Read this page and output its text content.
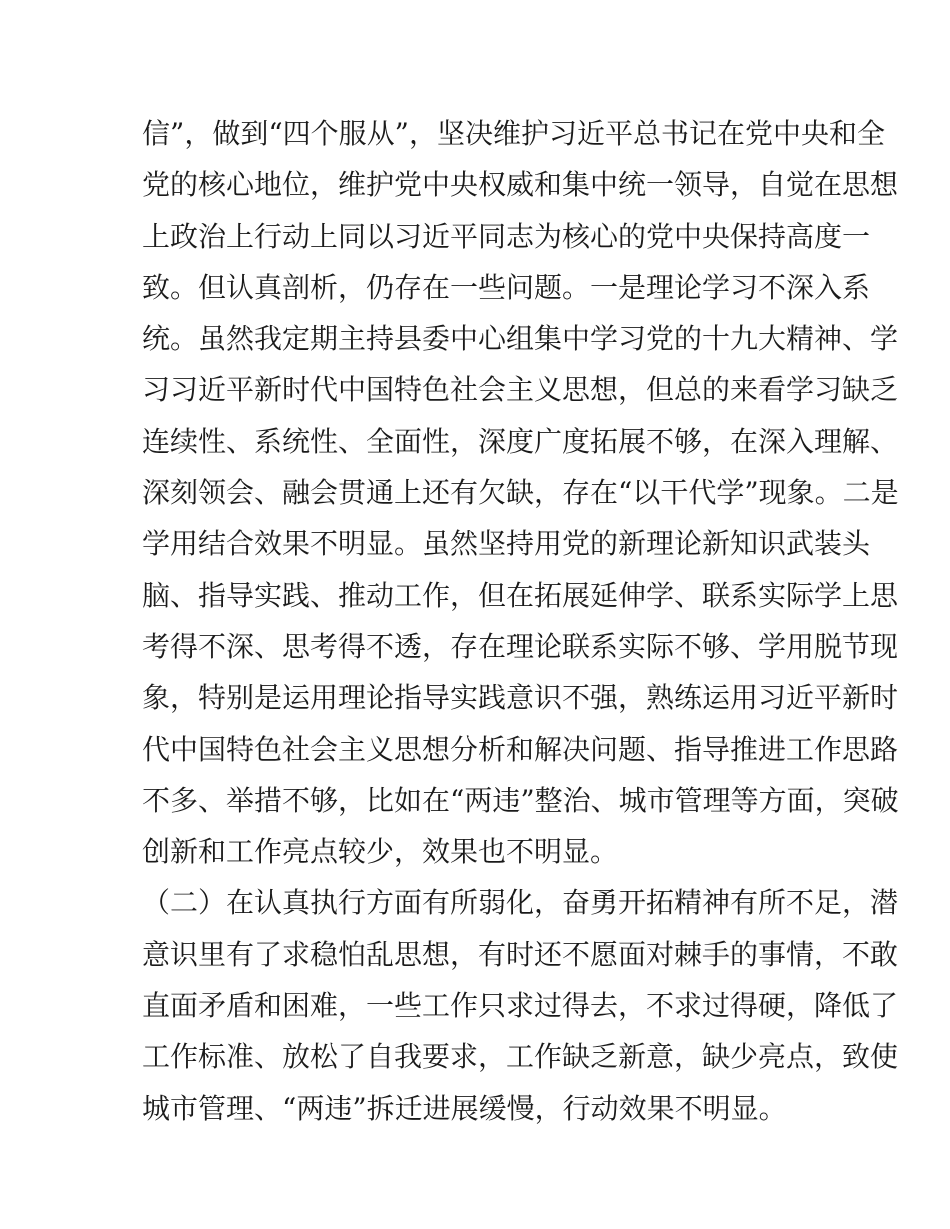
信”，做到“四个服从”，坚决维护习近平总书记在党中央和全
党的核心地位，维护党中央权威和集中统一领导，自觉在思想
上政治上行动上同以习近平同志为核心的党中央保持高度一
致。但认真剖析，仍存在一些问题。一是理论学习不深入系
统。虽然我定期主持县委中心组集中学习党的十九大精神、学
习习近平新时代中国特色社会主义思想，但总的来看学习缺乏
连续性、系统性、全面性，深度广度拓展不够，在深入理解、
深刻领会、融会贯通上还有欠缺，存在“以干代学”现象。二是
学用结合效果不明显。虽然坚持用党的新理论新知识武装头
脑、指导实践、推动工作，但在拓展延伸学、联系实际学上思
考得不深、思考得不透，存在理论联系实际不够、学用脱节现
象，特别是运用理论指导实践意识不强，熟练运用习近平新时
代中国特色社会主义思想分析和解决问题、指导推进工作思路
不多、举措不够，比如在“两违”整治、城市管理等方面，突破
创新和工作亮点较少，效果也不明显。
（二）在认真执行方面有所弱化，奋勇开拓精神有所不足，潜
意识里有了求稳怕乱思想，有时还不愿面对棘手的事情，不敢
直面矛盾和困难，一些工作只求过得去，不求过得硬，降低了
工作标准、放松了自我要求，工作缺乏新意，缺少亮点，致使
城市管理、“两违”拆迁进展缓慢，行动效果不明显。
